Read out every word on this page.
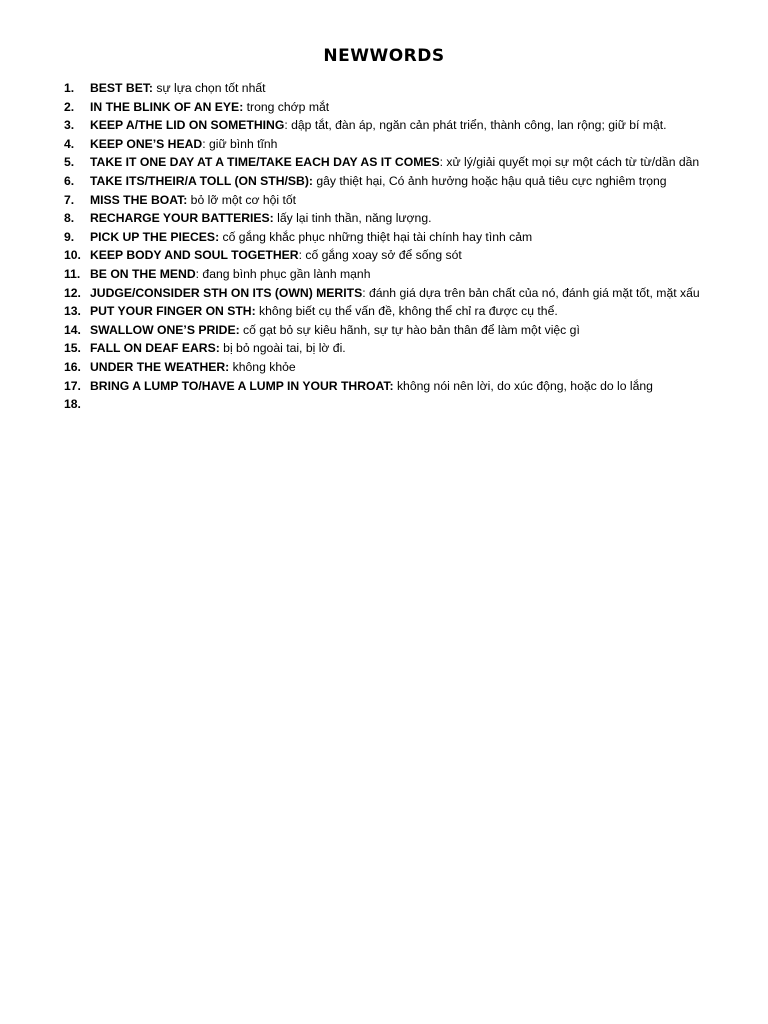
NEWWORDS
1.	BEST BET: sự lựa chọn tốt nhất
2.	IN THE BLINK OF AN EYE: trong chớp mắt
3.	KEEP A/THE LID ON SOMETHING: dập tắt, đàn áp, ngăn cản phát triển, thành công, lan rộng; giữ bí mật.
4.	KEEP ONE’S HEAD: giữ bình tĩnh
5.	TAKE IT ONE DAY AT A TIME/TAKE EACH DAY AS IT COMES: xử lý/giải quyết mọi sự một cách từ từ/dần dần
6.	TAKE ITS/THEIR/A TOLL (ON STH/SB): gây thiệt hại, Có ảnh hưởng hoặc hậu quả tiêu cực nghiêm trọng
7.	MISS THE BOAT: bỏ lỡ một cơ hội tốt
8.	RECHARGE YOUR BATTERIES: lấy lại tinh thần, năng lượng.
9.	PICK UP THE PIECES: cố gắng khắc phục những thiệt hại tài chính hay tình cảm
10. KEEP BODY AND SOUL TOGETHER: cố gắng xoay sở để sống sót
11. BE ON THE MEND: đang bình phục gần lành mạnh
12. JUDGE/CONSIDER STH ON ITS (OWN) MERITS: đánh giá dựa trên bản chất của nó, đánh giá mặt tốt, mặt xấu
13. PUT YOUR FINGER ON STH: không biết cụ thể vấn đề, không thể chỉ ra được cụ thể.
14. SWALLOW ONE’S PRIDE: cố gạt bỏ sự kiêu hãnh, sự tự hào bản thân để làm một việc gì
15. FALL ON DEAF EARS: bị bỏ ngoài tai, bị lờ đi.
16. UNDER THE WEATHER: không khỏe
17. BRING A LUMP TO/HAVE A LUMP IN YOUR THROAT: không nói nên lời, do xúc động, hoặc do lo lắng
18.
